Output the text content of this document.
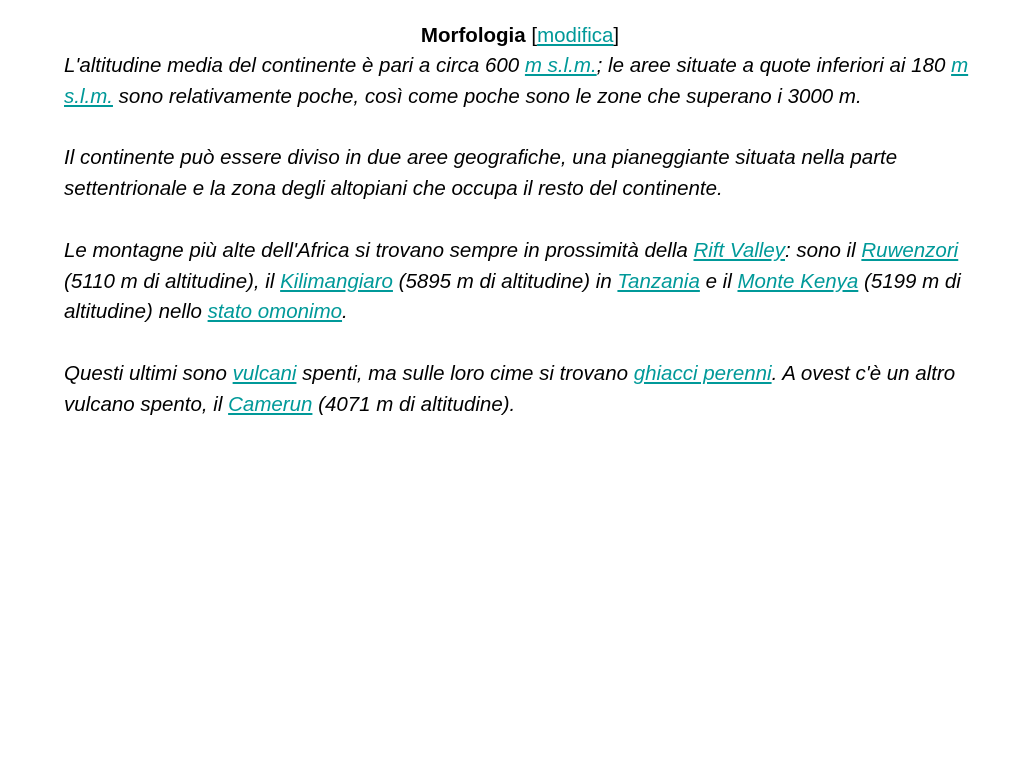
Morfologia [modifica]

L'altitudine media del continente è pari a circa 600 m s.l.m.; le aree situate a quote inferiori ai 180 m s.l.m. sono relativamente poche, così come poche sono le zone che superano i 3000 m.

Il continente può essere diviso in due aree geografiche, una pianeggiante situata nella parte settentrionale e la zona degli altopiani che occupa il resto del continente.

Le montagne più alte dell'Africa si trovano sempre in prossimità della Rift Valley: sono il Ruwenzori (5110 m di altitudine), il Kilimangiaro (5895 m di altitudine) in Tanzania e il Monte Kenya (5199 m di altitudine) nello stato omonimo.

Questi ultimi sono vulcani spenti, ma sulle loro cime si trovano ghiacci perenni. A ovest c'è un altro vulcano spento, il Camerun (4071 m di altitudine).
